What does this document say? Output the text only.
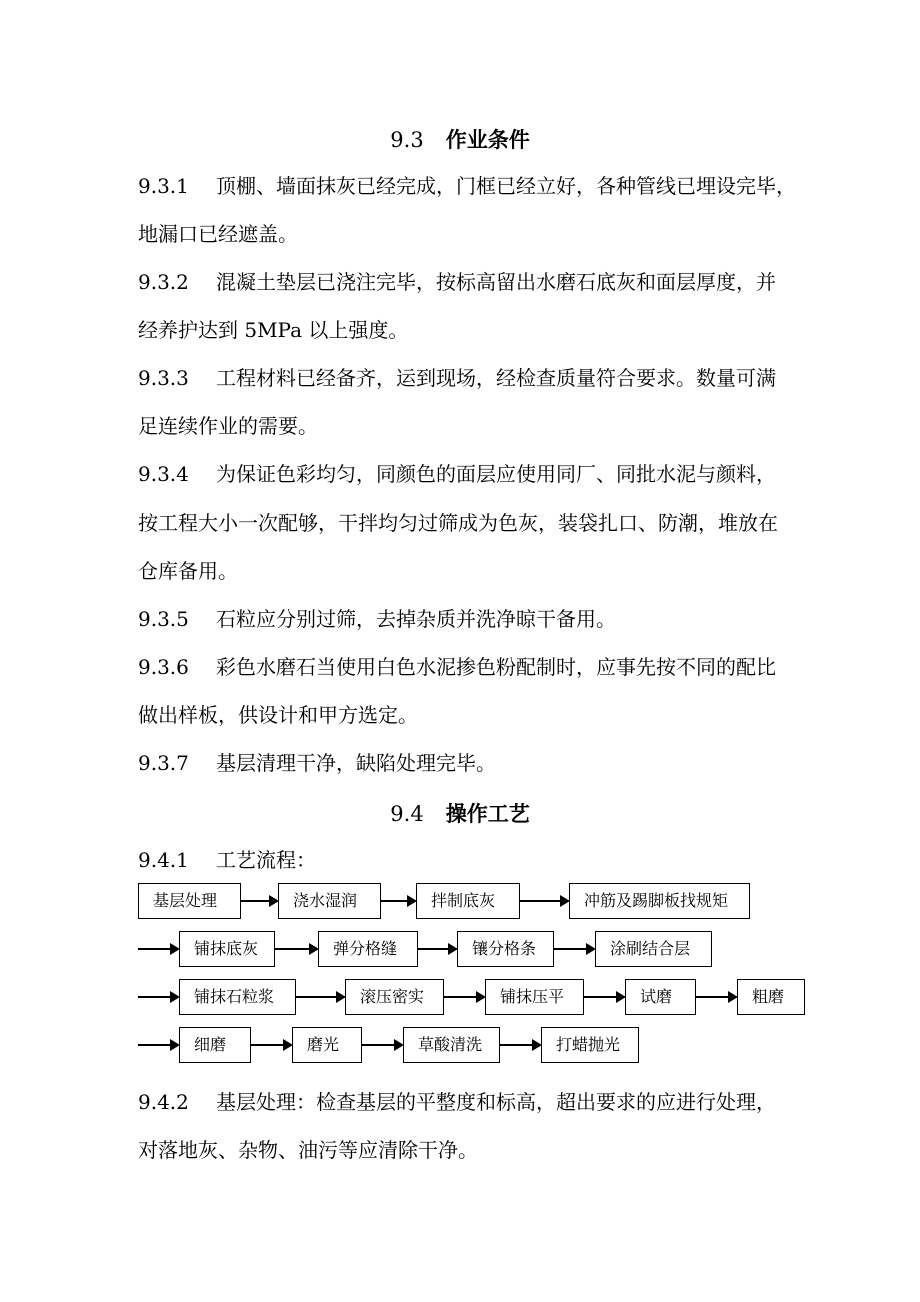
9.3 作业条件
9.3.1 顶棚、墙面抹灰已经完成，门框已经立好，各种管线已埋设完毕，
地漏口已经遮盖。
9.3.2 混凝土垫层已浇注完毕，按标高留出水磨石底灰和面层厚度，并
经养护达到 5MPa 以上强度。
9.3.3 工程材料已经备齐，运到现场，经检查质量符合要求。数量可满
足连续作业的需要。
9.3.4 为保证色彩均匀，同颜色的面层应使用同厂、同批水泥与颜料，
按工程大小一次配够，干拌均匀过筛成为色灰，装袋扎口、防潮，堆放在
仓库备用。
9.3.5 石粒应分别过筛，去掉杂质并洗净晾干备用。
9.3.6 彩色水磨石当使用白色水泥掺色粉配制时，应事先按不同的配比
做出样板，供设计和甲方选定。
9.3.7 基层清理干净，缺陷处理完毕。
9.4 操作工艺
9.4.1 工艺流程：
基层处理	浇水湿润	拌制底灰	冲筋及踢脚板找规矩
铺抹底灰	弹分格缝	镶分格条	涂刷结合层
铺抹石粒浆	滚压密实	铺抹压平	试磨	粗磨
细磨	磨光	草酸清洗	打蜡抛光
9.4.2 基层处理：检查基层的平整度和标高，超出要求的应进行处理，
对落地灰、杂物、油污等应清除干净。
